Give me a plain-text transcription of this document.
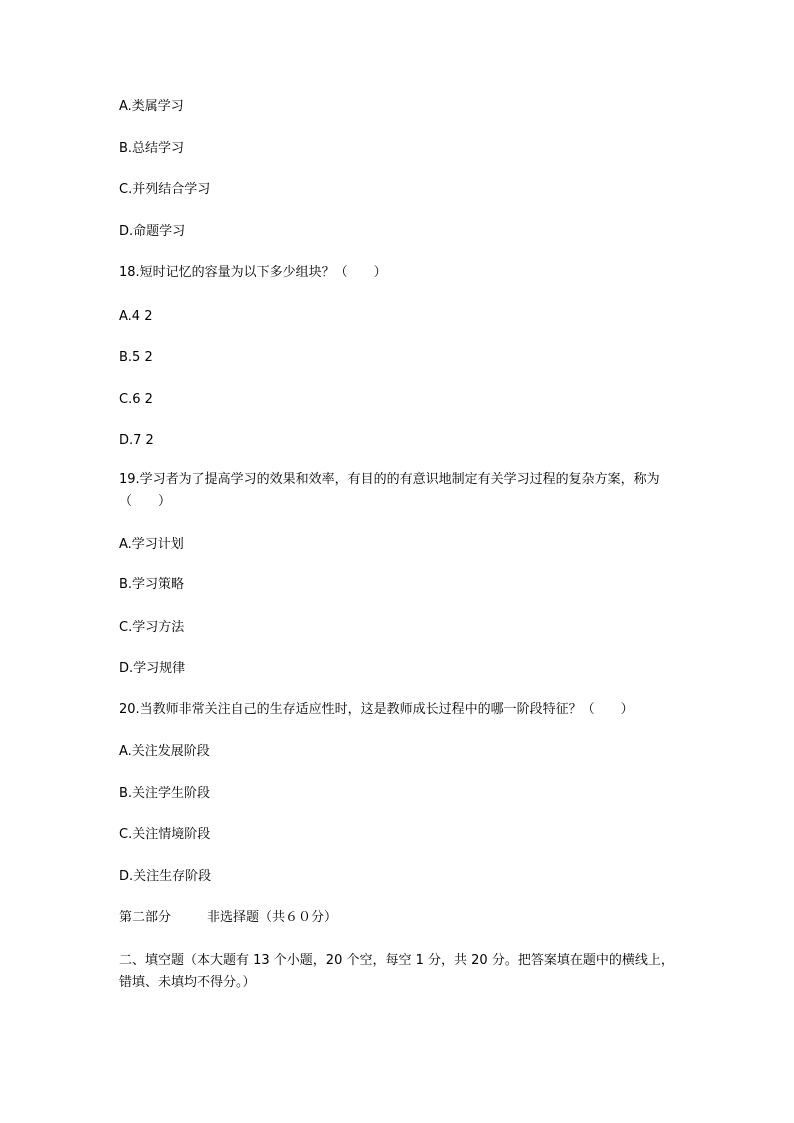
A.类属学习
B.总结学习
C.并列结合学习
D.命题学习
18.短时记忆的容量为以下多少组块？（　　）
A.4 2
B.5 2
C.6 2
D.7 2
19.学习者为了提高学习的效果和效率，有目的的有意识地制定有关学习过程的复杂方案，称为（　　）
A.学习计划
B.学习策略
C.学习方法
D.学习规律
20.当教师非常关注自己的生存适应性时，这是教师成长过程中的哪一阶段特征？（　　）
A.关注发展阶段
B.关注学生阶段
C.关注情境阶段
D.关注生存阶段
第二部分	非选择题（共６０分）
二、填空题（本大题有 13 个小题，20 个空，每空 1 分，共 20 分。把答案填在题中的横线上，错填、未填均不得分。）
